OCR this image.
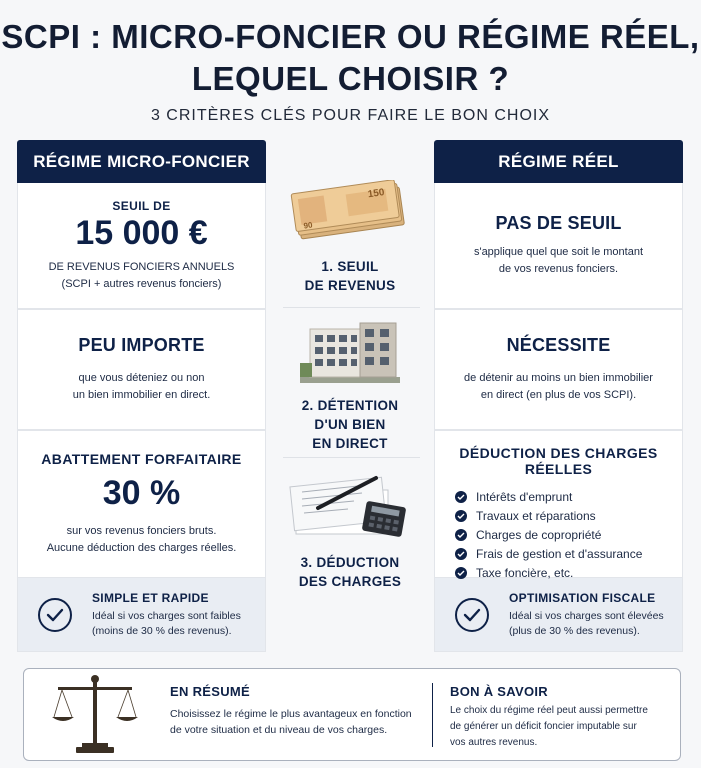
SCPI : MICRO-FONCIER OU RÉGIME RÉEL,
LEQUEL CHOISIR ?
3 CRITÈRES CLÉS POUR FAIRE LE BON CHOIX
RÉGIME MICRO-FONCIER
SEUIL DE
15 000 €
DE REVENUS FONCIERS ANNUELS
(SCPI + autres revenus fonciers)
PEU IMPORTE
que vous déteniez ou non
un bien immobilier en direct.
ABATTEMENT FORFAITAIRE
30 %
sur vos revenus fonciers bruts.
Aucune déduction des charges réelles.
SIMPLE ET RAPIDE
Idéal si vos charges sont faibles
(moins de 30 % des revenus).
150
90
1. SEUIL
DE REVENUS
2. DÉTENTION
D'UN BIEN
EN DIRECT
3. DÉDUCTION
DES CHARGES
RÉGIME RÉEL
PAS DE SEUIL
s'applique quel que soit le montant
de vos revenus fonciers.
NÉCESSITE
de détenir au moins un bien immobilier
en direct (en plus de vos SCPI).
DÉDUCTION DES CHARGES RÉELLES
Intérêts d'emprunt
Travaux et réparations
Charges de copropriété
Frais de gestion et d'assurance
Taxe foncière, etc.
OPTIMISATION FISCALE
Idéal si vos charges sont élevées
(plus de 30 % des revenus).
EN RÉSUMÉ
Choisissez le régime le plus avantageux en fonction
de votre situation et du niveau de vos charges.
BON À SAVOIR
Le choix du régime réel peut aussi permettre
de générer un déficit foncier imputable sur
vos autres revenus.
